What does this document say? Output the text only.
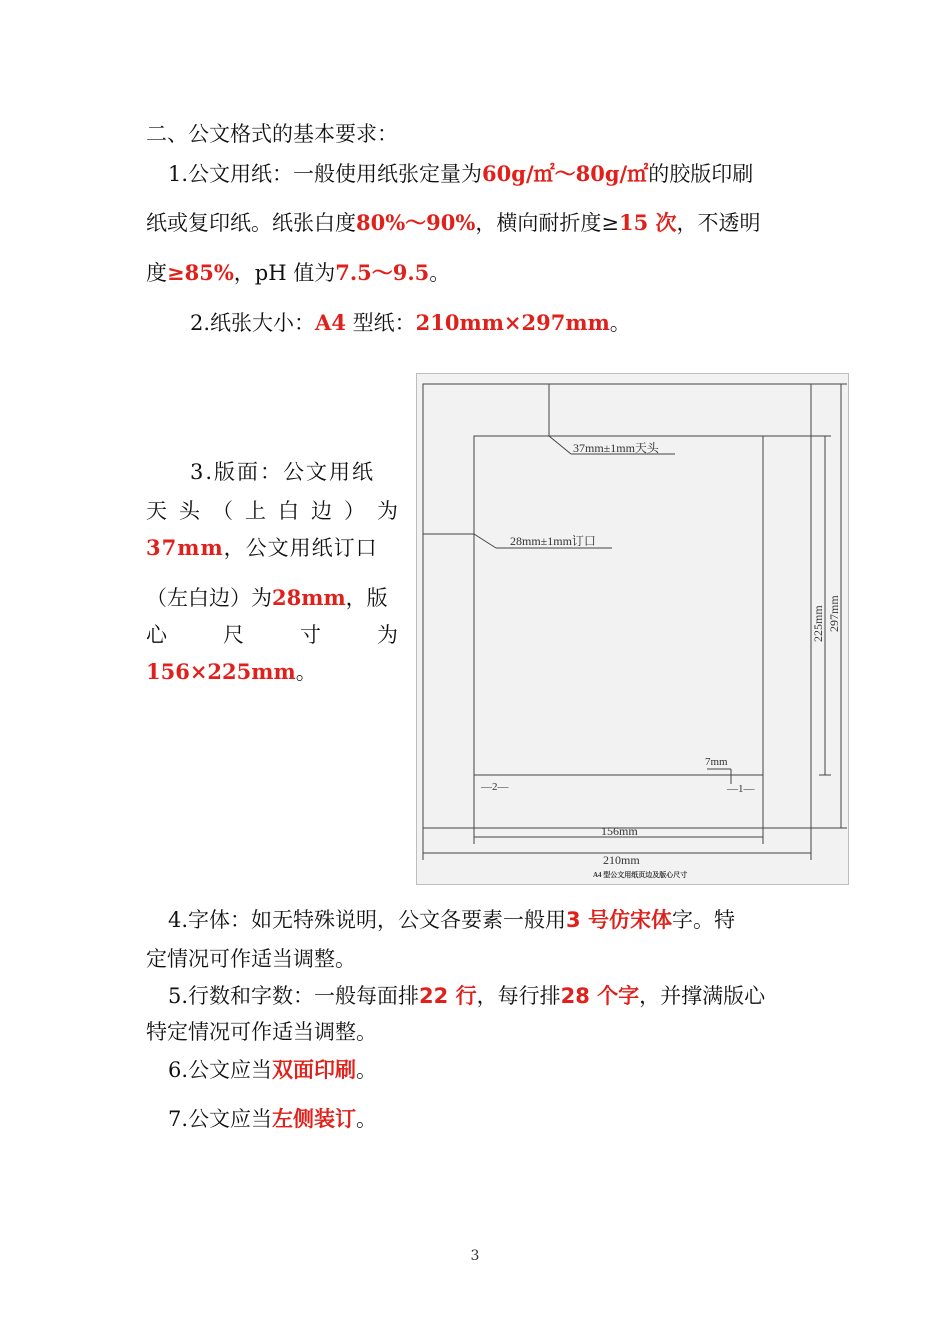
二、公文格式的基本要求：
1.公文用纸：一般使用纸张定量为60g/㎡～80g/㎡的胶版印刷
纸或复印纸。纸张白度80%～90%，横向耐折度≥15 次，不透明
度≥85%，pH 值为7.5～9.5。
2.纸张大小：A4 型纸：210mm×297mm。
3.版面：公文用纸
天 头 （ 上 白 边 ） 为
37mm，公文用纸订口
（左白边）为28mm，版
心	尺	寸	为
156×225mm。
37mm±1mm天头
28mm±1mm订口
225mm 297mm
7mm
—2—	—1—
156mm
210mm
A4 型公文用纸页边及版心尺寸
4.字体：如无特殊说明，公文各要素一般用3 号仿宋体字。特
定情况可作适当调整。
5.行数和字数：一般每面排22 行，每行排28 个字，并撑满版心
特定情况可作适当调整。
6.公文应当双面印刷。
7.公文应当左侧装订。
3
